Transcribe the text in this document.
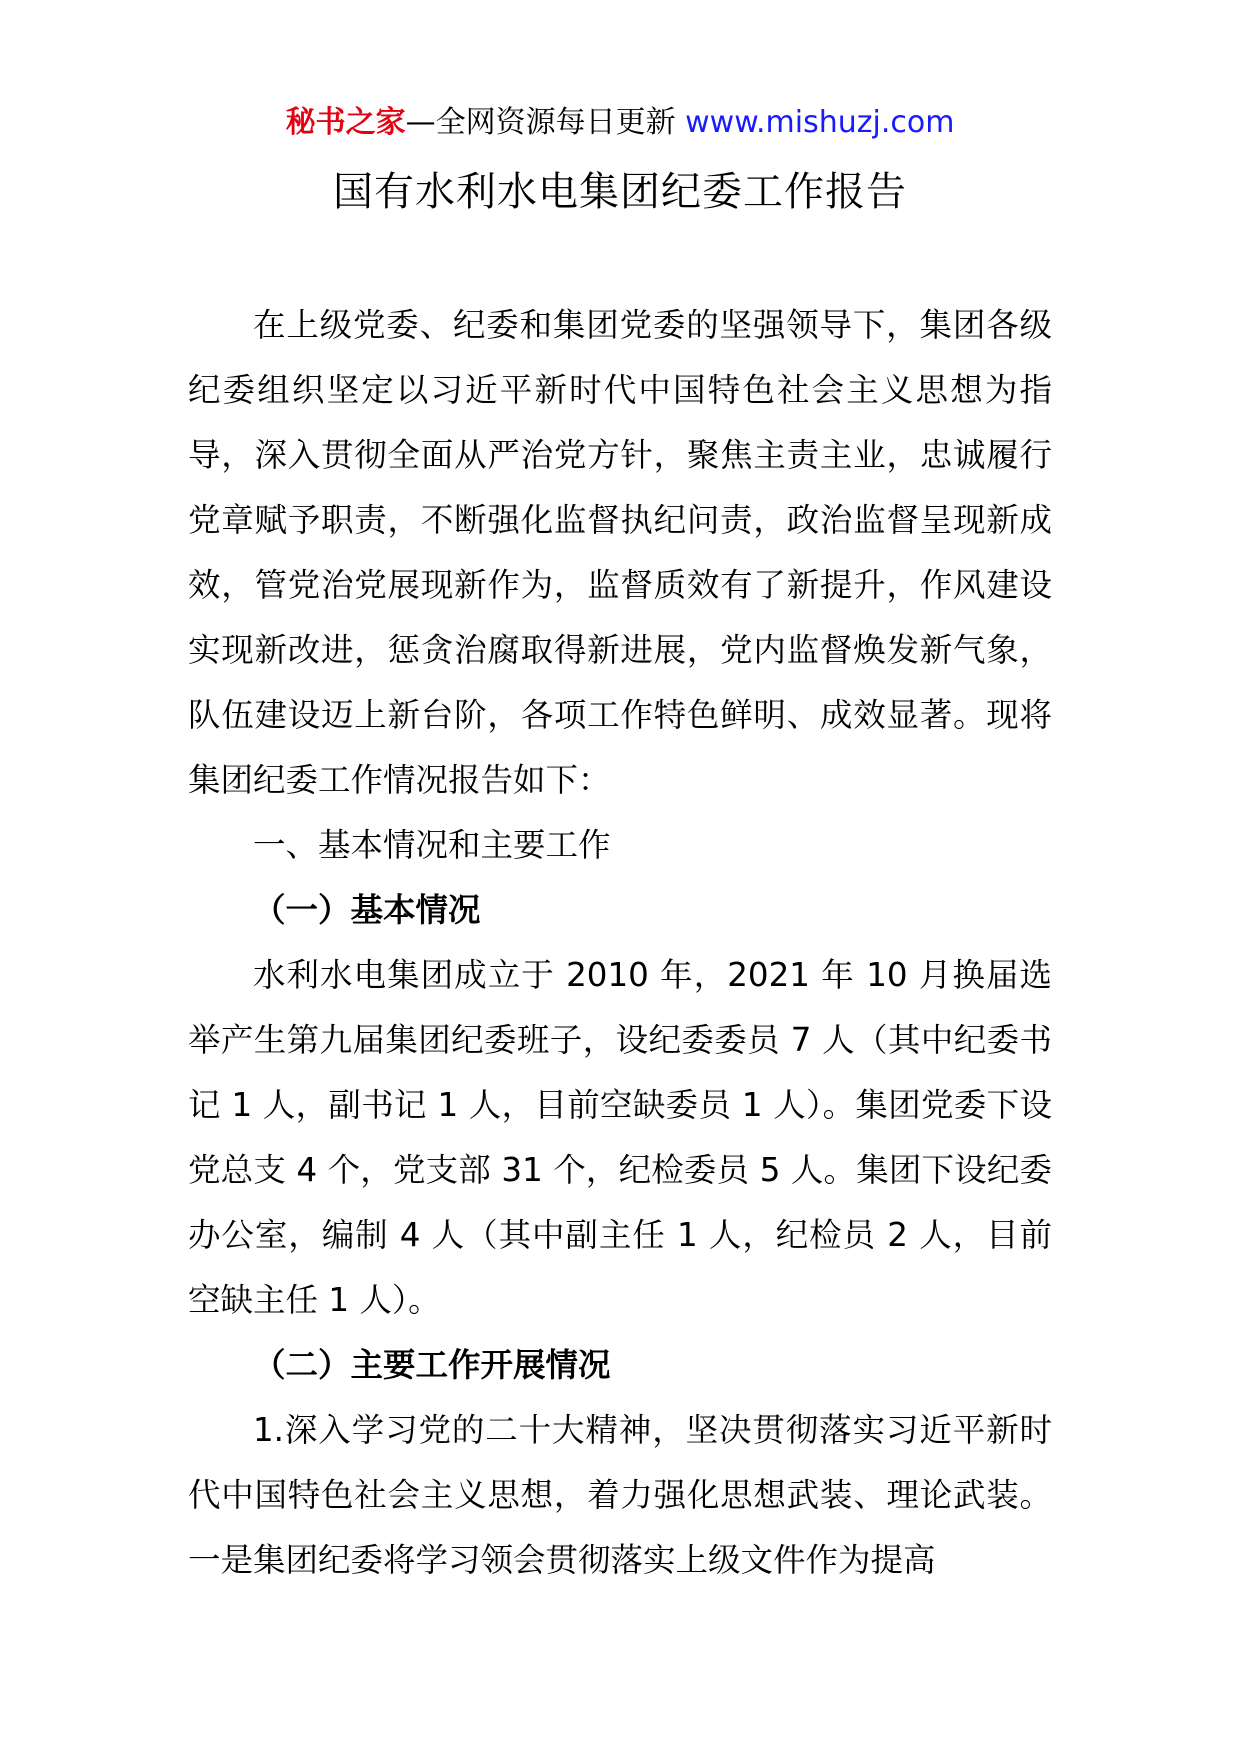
秘书之家—全网资源每日更新 www.mishuzj.com
国有水利水电集团纪委工作报告

在上级党委、纪委和集团党委的坚强领导下，集团各级纪委组织坚定以习近平新时代中国特色社会主义思想为指导，深入贯彻全面从严治党方针，聚焦主责主业，忠诚履行党章赋予职责，不断强化监督执纪问责，政治监督呈现新成效，管党治党展现新作为，监督质效有了新提升，作风建设实现新改进，惩贪治腐取得新进展，党内监督焕发新气象，队伍建设迈上新台阶，各项工作特色鲜明、成效显著。现将集团纪委工作情况报告如下：

一、基本情况和主要工作

（一）基本情况

水利水电集团成立于 2010 年，2021 年 10 月换届选举产生第九届集团纪委班子，设纪委委员 7 人（其中纪委书记 1 人，副书记 1 人，目前空缺委员 1 人）。集团党委下设党总支 4 个，党支部 31 个，纪检委员 5 人。集团下设纪委办公室，编制 4 人（其中副主任 1 人，纪检员 2 人，目前空缺主任 1 人）。

（二）主要工作开展情况

1.深入学习党的二十大精神，坚决贯彻落实习近平新时代中国特色社会主义思想，着力强化思想武装、理论武装。一是集团纪委将学习领会贯彻落实上级文件作为提高
